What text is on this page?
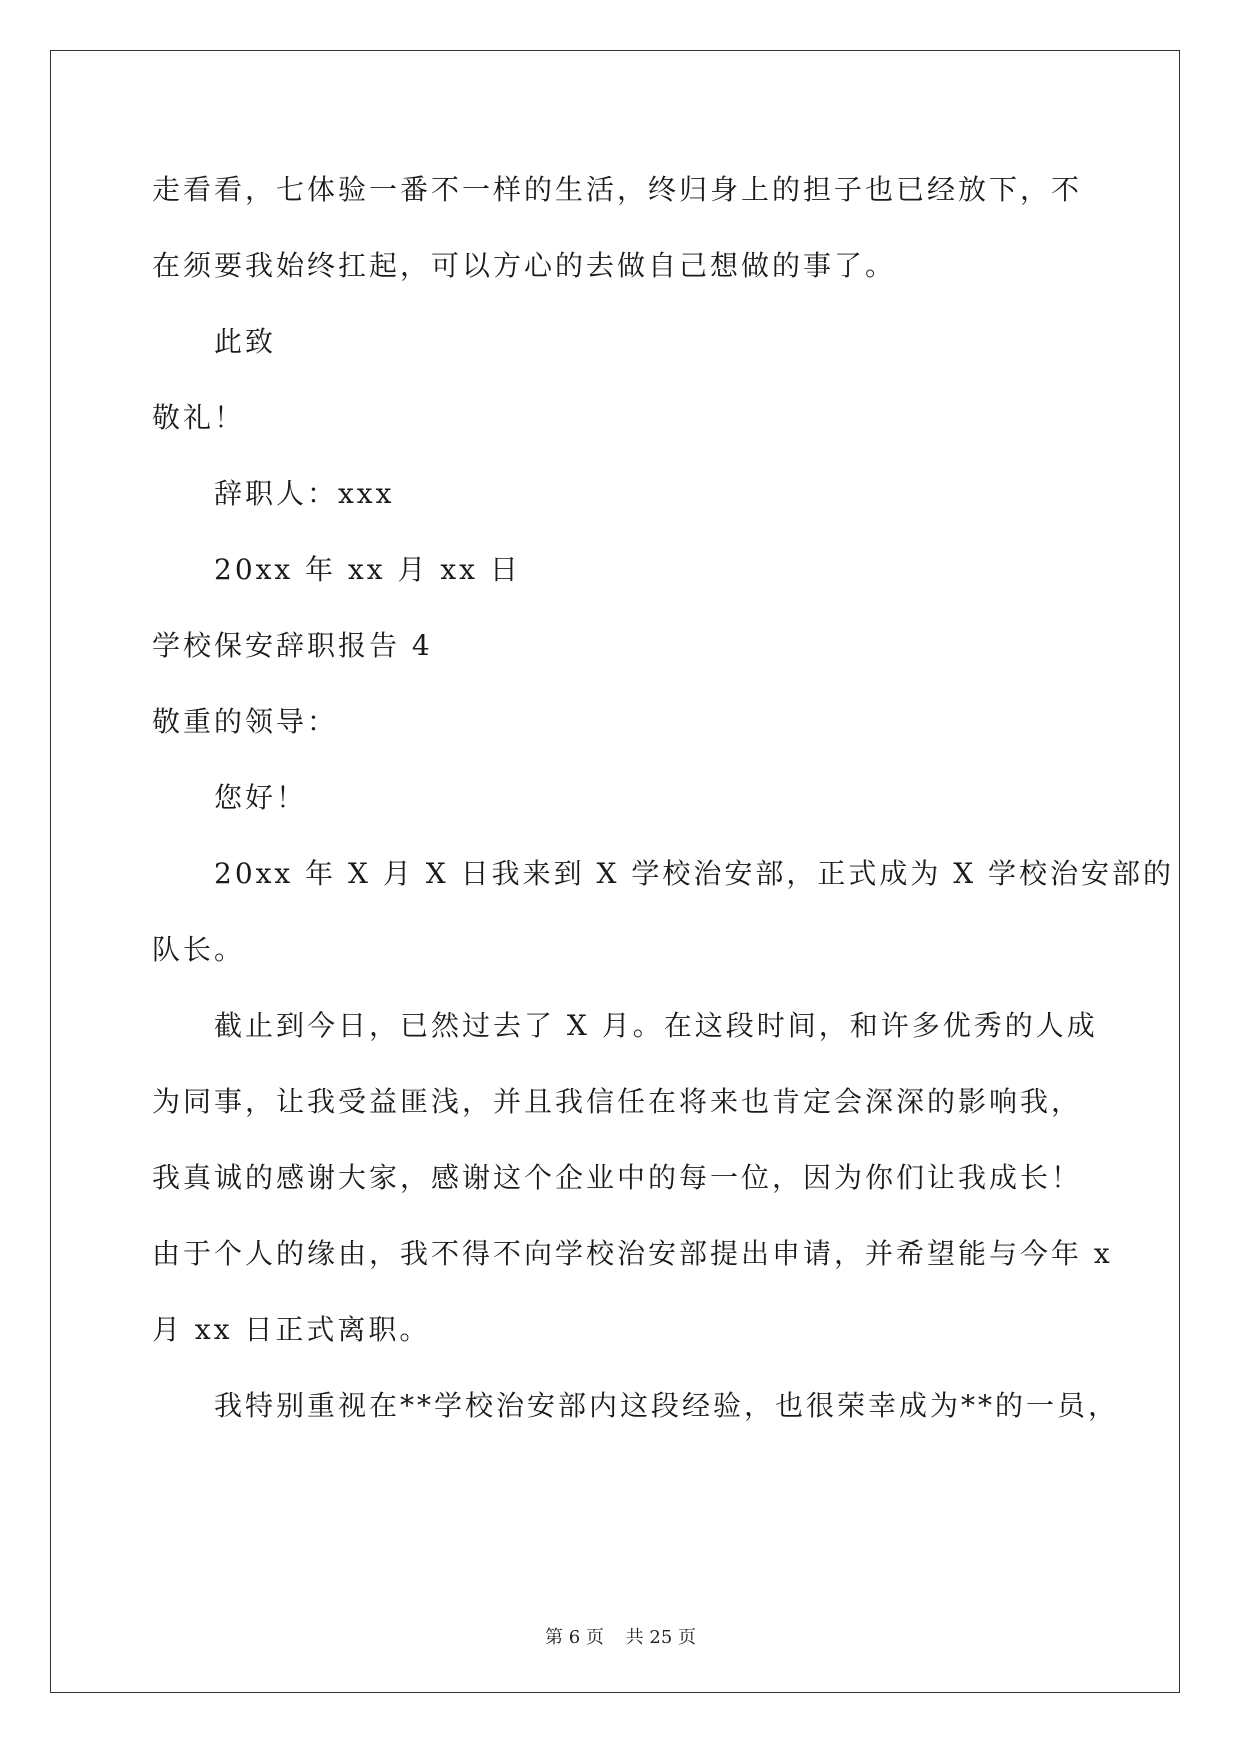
走看看，七体验一番不一样的生活，终归身上的担子也已经放下，不
在须要我始终扛起，可以方心的去做自己想做的事了。
此致
敬礼！
辞职人：xxx
20xx 年 xx 月 xx 日
学校保安辞职报告 4
敬重的领导：
您好！
20xx 年 X 月 X 日我来到 X 学校治安部，正式成为 X 学校治安部的
队长。
截止到今日，已然过去了 X 月。在这段时间，和许多优秀的人成
为同事，让我受益匪浅，并且我信任在将来也肯定会深深的影响我，
我真诚的感谢大家，感谢这个企业中的每一位，因为你们让我成长！
由于个人的缘由，我不得不向学校治安部提出申请，并希望能与今年 x
月 xx 日正式离职。
我特别重视在**学校治安部内这段经验，也很荣幸成为**的一员，
第 6 页 共 25 页
